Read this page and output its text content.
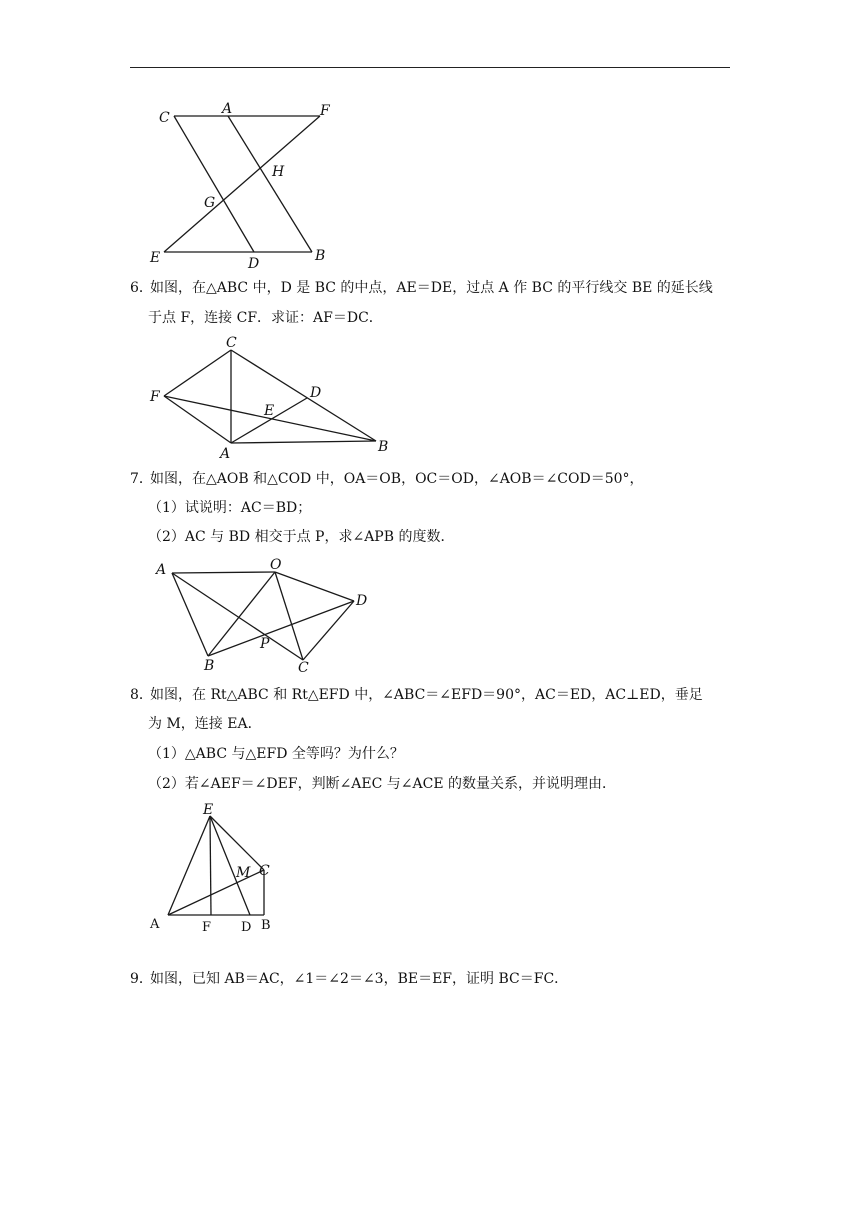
C
A	F
H
G
E	D	B
6．
如图，在△ABC 中，D 是 BC 的中点，AE＝DE，过点 A 作 BC 的平行线交 BE 的延长线
于点 F，连接 CF．求证：AF＝DC．
C
F	D
E
A	B
7．
如图，在△AOB 和△COD 中，OA＝OB，OC＝OD，∠AOB＝∠COD＝50°，
（1）试说明：AC＝BD；
（2）AC 与 BD 相交于点 P，求∠APB 的度数．
A	O
D
P
B	C
8．
如图，在 Rt△ABC 和 Rt△EFD 中，∠ABC＝∠EFD＝90°，AC＝ED，AC⊥ED，垂足
为 M，连接 EA．
（1）△ABC 与△EFD 全等吗？为什么？
（2）若∠AEF＝∠DEF，判断∠AEC 与∠ACE 的数量关系，并说明理由．
E
M C
A	F D B
9．
如图，已知 AB＝AC，∠1＝∠2＝∠3，BE＝EF，证明 BC＝FC．
